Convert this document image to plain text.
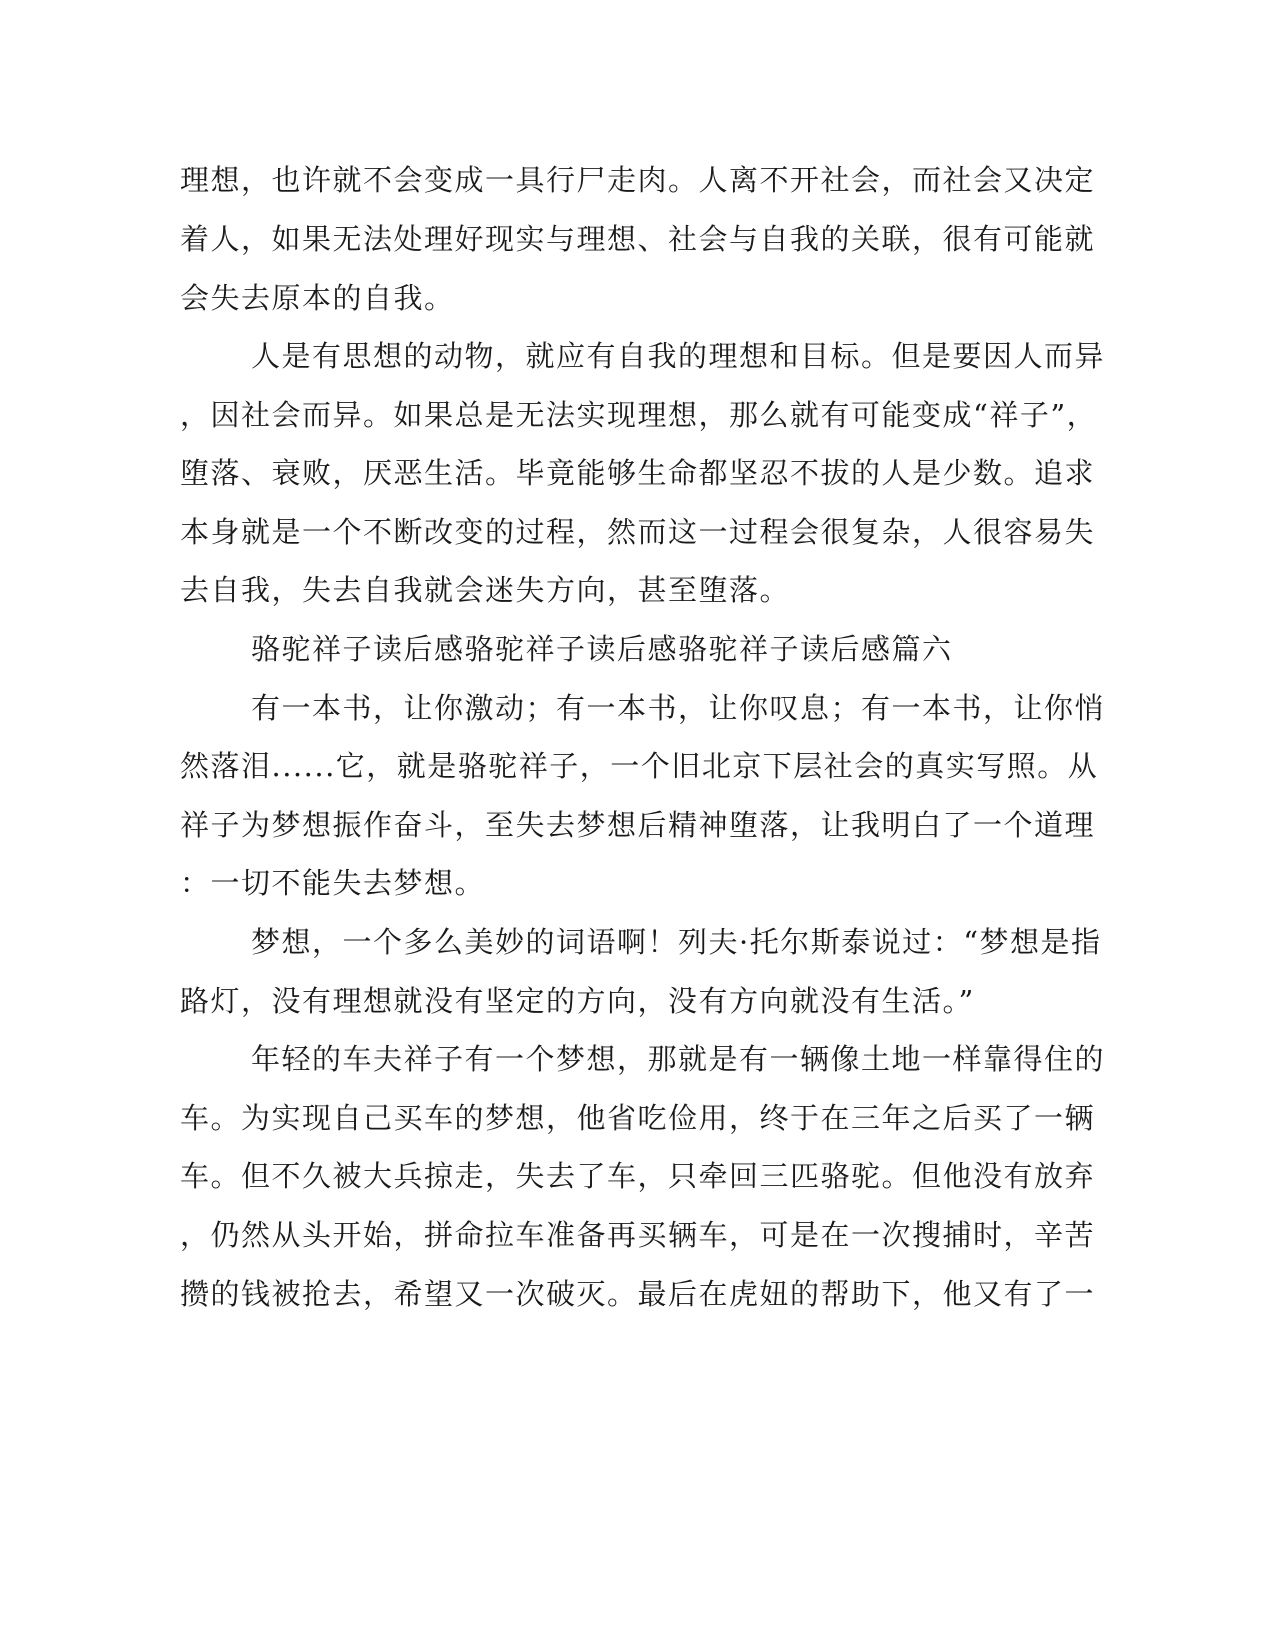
理想，也许就不会变成一具行尸走肉。人离不开社会，而社会又决定
着人，如果无法处理好现实与理想、社会与自我的关联，很有可能就
会失去原本的自我。
人是有思想的动物，就应有自我的理想和目标。但是要因人而异
，因社会而异。如果总是无法实现理想，那么就有可能变成“祥子”，
堕落、衰败，厌恶生活。毕竟能够生命都坚忍不拔的人是少数。追求
本身就是一个不断改变的过程，然而这一过程会很复杂，人很容易失
去自我，失去自我就会迷失方向，甚至堕落。
骆驼祥子读后感骆驼祥子读后感骆驼祥子读后感篇六
有一本书，让你激动；有一本书，让你叹息；有一本书，让你悄
然落泪......它，就是骆驼祥子，一个旧北京下层社会的真实写照。从
祥子为梦想振作奋斗，至失去梦想后精神堕落，让我明白了一个道理
：一切不能失去梦想。
梦想，一个多么美妙的词语啊！列夫·托尔斯泰说过：“梦想是指
路灯，没有理想就没有坚定的方向，没有方向就没有生活。”
年轻的车夫祥子有一个梦想，那就是有一辆像土地一样靠得住的
车。为实现自己买车的梦想，他省吃俭用，终于在三年之后买了一辆
车。但不久被大兵掠走，失去了车，只牵回三匹骆驼。但他没有放弃
，仍然从头开始，拼命拉车准备再买辆车，可是在一次搜捕时，辛苦
攒的钱被抢去，希望又一次破灭。最后在虎妞的帮助下，他又有了一
